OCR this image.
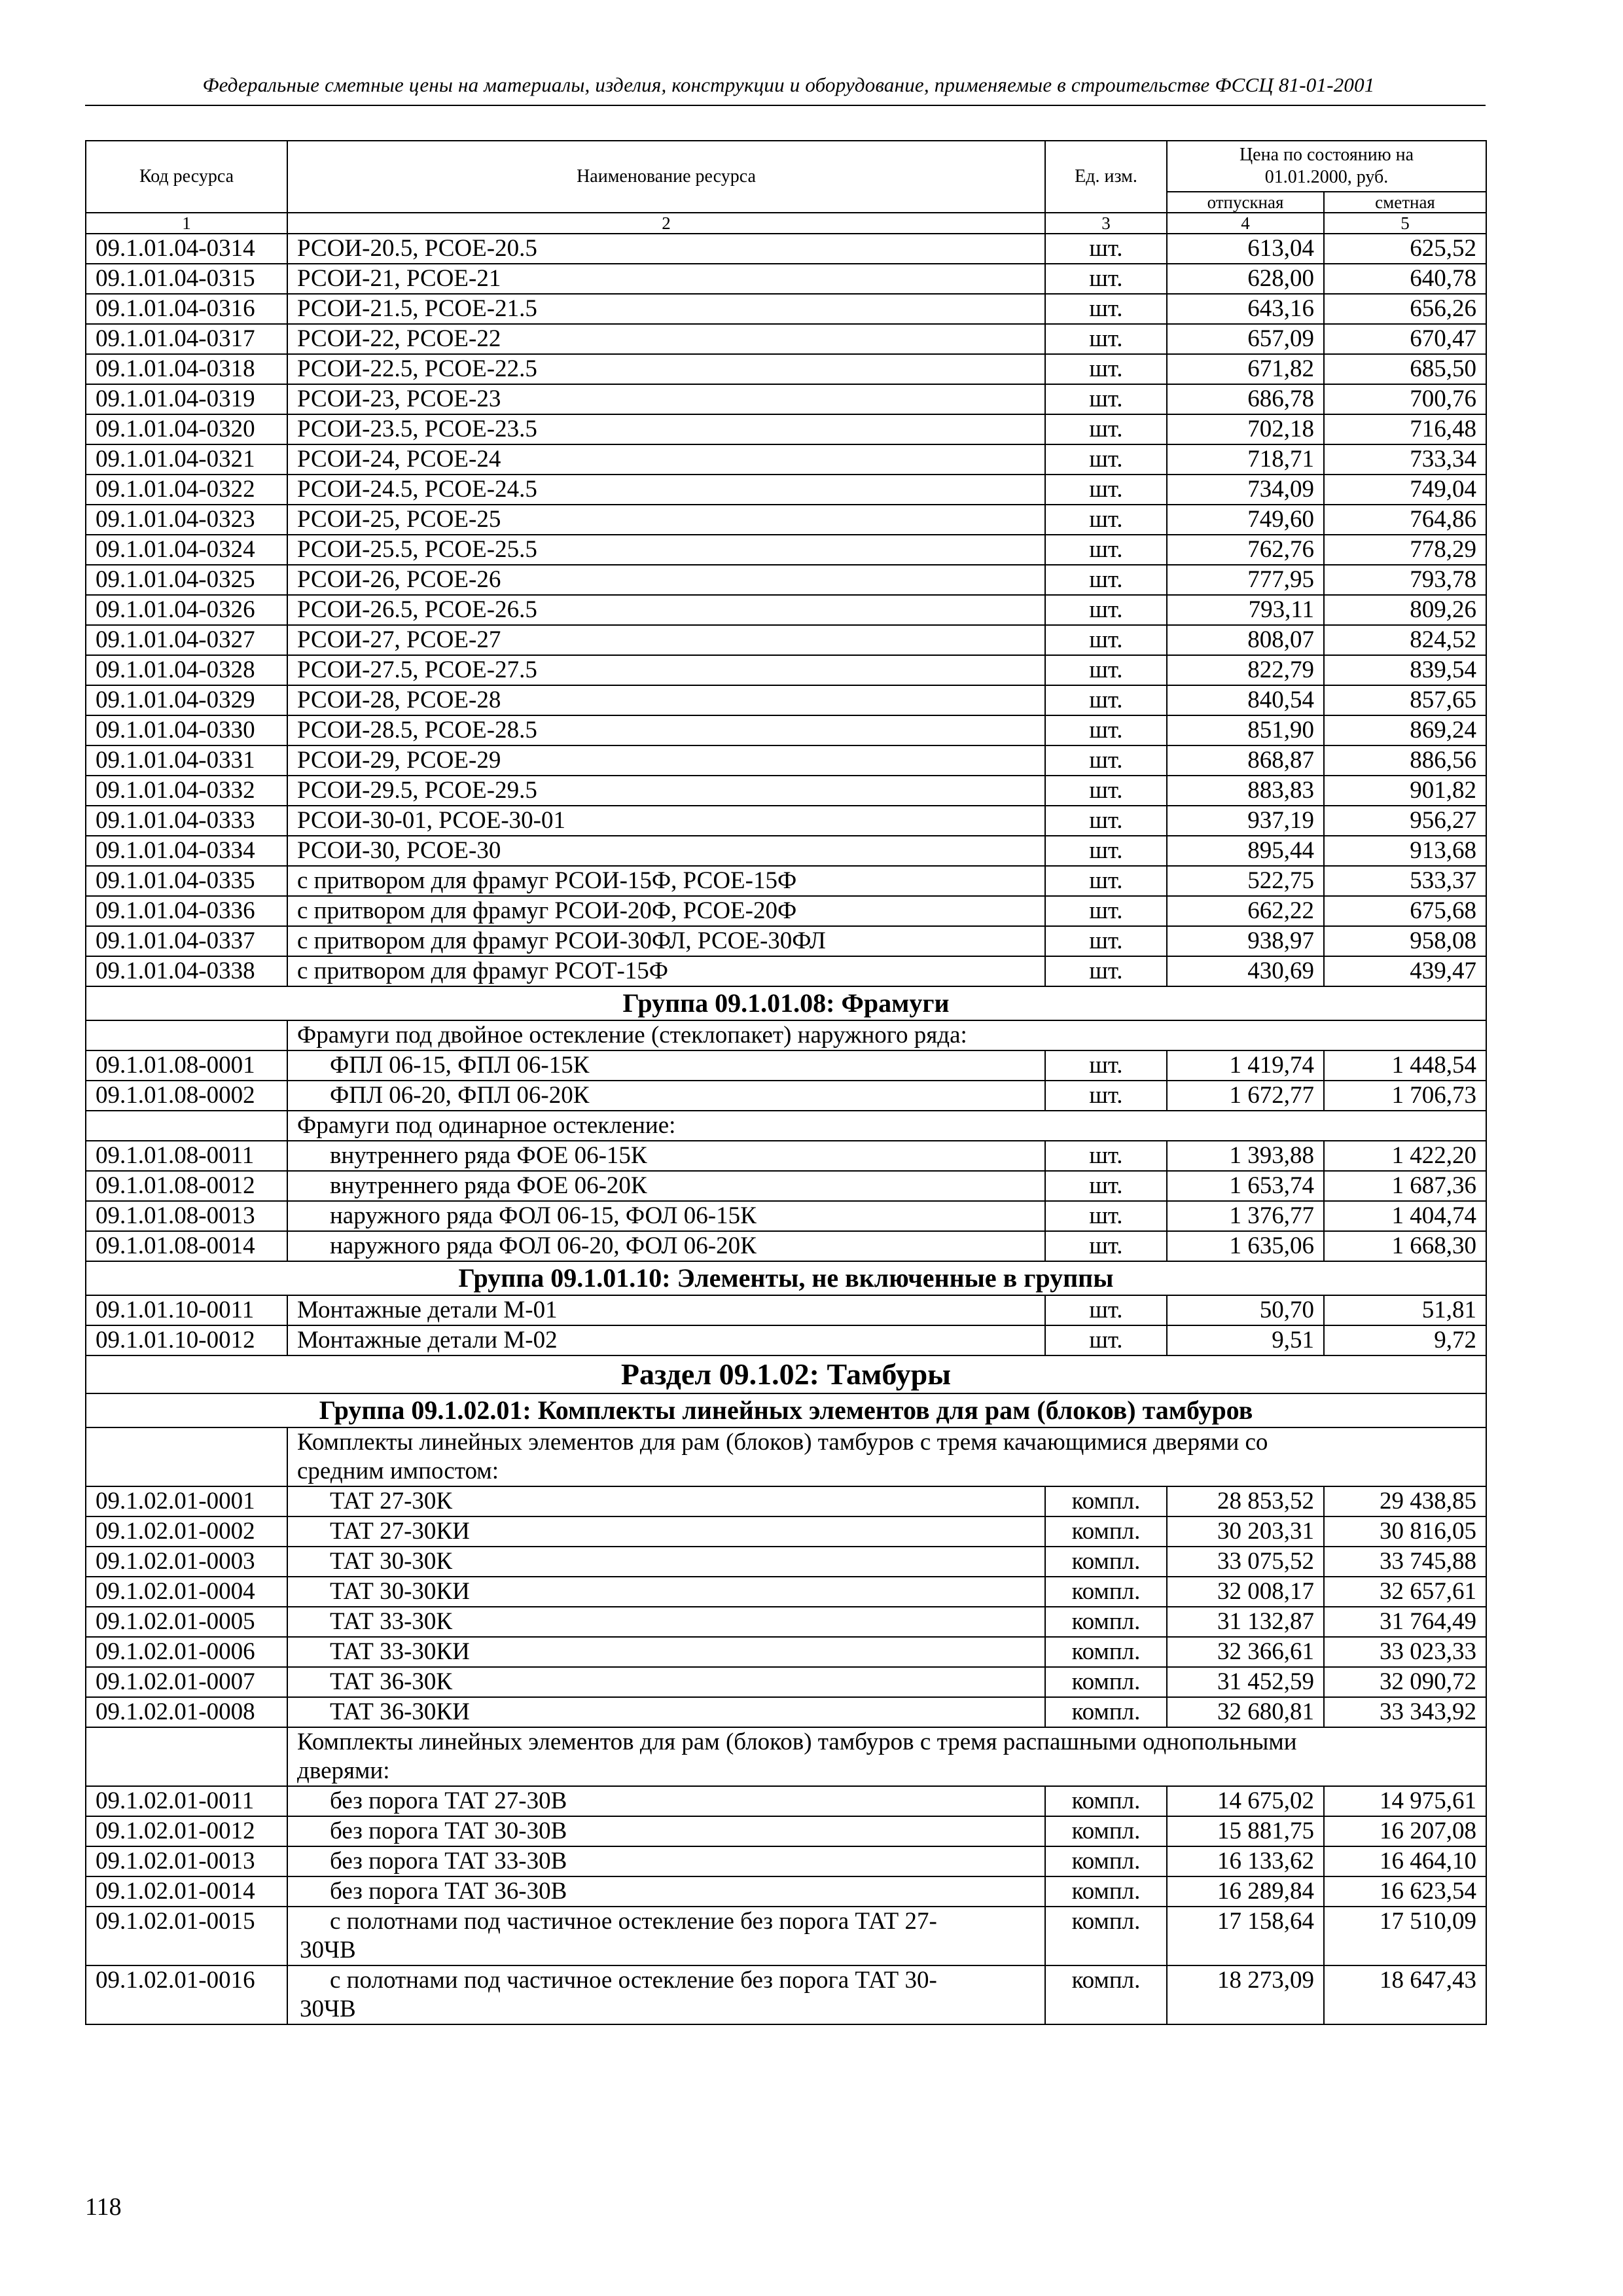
Федеральные сметные цены на материалы, изделия, конструкции и оборудование, применяемые в строительстве ФССЦ 81-01-2001
Код ресурса	Наименование ресурса	Ед. изм.	Цена по состоянию на 01.01.2000, руб.	
			отпускная	сметная
1	2	3	4	5
09.1.01.04-0314	РСОИ-20.5, РСОЕ-20.5	шт.	613,04	625,52
09.1.01.04-0315	РСОИ-21, РСОЕ-21	шт.	628,00	640,78
09.1.01.04-0316	РСОИ-21.5, РСОЕ-21.5	шт.	643,16	656,26
09.1.01.04-0317	РСОИ-22, РСОЕ-22	шт.	657,09	670,47
09.1.01.04-0318	РСОИ-22.5, РСОЕ-22.5	шт.	671,82	685,50
09.1.01.04-0319	РСОИ-23, РСОЕ-23	шт.	686,78	700,76
09.1.01.04-0320	РСОИ-23.5, РСОЕ-23.5	шт.	702,18	716,48
09.1.01.04-0321	РСОИ-24, РСОЕ-24	шт.	718,71	733,34
09.1.01.04-0322	РСОИ-24.5, РСОЕ-24.5	шт.	734,09	749,04
09.1.01.04-0323	РСОИ-25, РСОЕ-25	шт.	749,60	764,86
09.1.01.04-0324	РСОИ-25.5, РСОЕ-25.5	шт.	762,76	778,29
09.1.01.04-0325	РСОИ-26, РСОЕ-26	шт.	777,95	793,78
09.1.01.04-0326	РСОИ-26.5, РСОЕ-26.5	шт.	793,11	809,26
09.1.01.04-0327	РСОИ-27, РСОЕ-27	шт.	808,07	824,52
09.1.01.04-0328	РСОИ-27.5, РСОЕ-27.5	шт.	822,79	839,54
09.1.01.04-0329	РСОИ-28, РСОЕ-28	шт.	840,54	857,65
09.1.01.04-0330	РСОИ-28.5, РСОЕ-28.5	шт.	851,90	869,24
09.1.01.04-0331	РСОИ-29, РСОЕ-29	шт.	868,87	886,56
09.1.01.04-0332	РСОИ-29.5, РСОЕ-29.5	шт.	883,83	901,82
09.1.01.04-0333	РСОИ-30-01, РСОЕ-30-01	шт.	937,19	956,27
09.1.01.04-0334	РСОИ-30, РСОЕ-30	шт.	895,44	913,68
09.1.01.04-0335	с притвором для фрамуг РСОИ-15Ф, РСОЕ-15Ф	шт.	522,75	533,37
09.1.01.04-0336	с притвором для фрамуг РСОИ-20Ф, РСОЕ-20Ф	шт.	662,22	675,68
09.1.01.04-0337	с притвором для фрамуг РСОИ-30ФЛ, РСОЕ-30ФЛ	шт.	938,97	958,08
09.1.01.04-0338	с притвором для фрамуг РСОТ-15Ф	шт.	430,69	439,47
Группа 09.1.01.08: Фрамуги				
	Фрамуги под двойное остекление (стеклопакет) наружного ряда:			
09.1.01.08-0001	ФПЛ 06-15, ФПЛ 06-15К	шт.	1 419,74	1 448,54
09.1.01.08-0002	ФПЛ 06-20, ФПЛ 06-20К	шт.	1 672,77	1 706,73
	Фрамуги под одинарное остекление:			
09.1.01.08-0011	внутреннего ряда ФОЕ 06-15К	шт.	1 393,88	1 422,20
09.1.01.08-0012	внутреннего ряда ФОЕ 06-20К	шт.	1 653,74	1 687,36
09.1.01.08-0013	наружного ряда ФОЛ 06-15, ФОЛ 06-15К	шт.	1 376,77	1 404,74
09.1.01.08-0014	наружного ряда ФОЛ 06-20, ФОЛ 06-20К	шт.	1 635,06	1 668,30
Группа 09.1.01.10: Элементы, не включенные в группы				
09.1.01.10-0011	Монтажные детали М-01	шт.	50,70	51,81
09.1.01.10-0012	Монтажные детали М-02	шт.	9,51	9,72
Раздел 09.1.02: Тамбуры				
Группа 09.1.02.01: Комплекты линейных элементов для рам (блоков) тамбуров				

	Комплекты линейных элементов для рам (блоков) тамбуров с тремя качающимися дверями со
средним импостом:			

09.1.02.01-0001	ТАТ 27-30К	компл.	28 853,52	29 438,85
09.1.02.01-0002	ТАТ 27-30КИ	компл.	30 203,31	30 816,05
09.1.02.01-0003	ТАТ 30-30К	компл.	33 075,52	33 745,88
09.1.02.01-0004	ТАТ 30-30КИ	компл.	32 008,17	32 657,61
09.1.02.01-0005	ТАТ 33-30К	компл.	31 132,87	31 764,49
09.1.02.01-0006	ТАТ 33-30КИ	компл.	32 366,61	33 023,33
09.1.02.01-0007	ТАТ 36-30К	компл.	31 452,59	32 090,72
09.1.02.01-0008	ТАТ 36-30КИ	компл.	32 680,81	33 343,92

	Комплекты линейных элементов для рам (блоков) тамбуров с тремя распашными однопольными
дверями:			

09.1.02.01-0011	без порога ТАТ 27-30В	компл.	14 675,02	14 975,61
09.1.02.01-0012	без порога ТАТ 30-30В	компл.	15 881,75	16 207,08
09.1.02.01-0013	без порога ТАТ 33-30В	компл.	16 133,62	16 464,10
09.1.02.01-0014	без порога ТАТ 36-30В	компл.	16 289,84	16 623,54
09.1.02.01-0015	с полотнами под частичное остекление без порога ТАТ 27-
30ЧВ	компл.	17 158,64	17 510,09
09.1.02.01-0016	с полотнами под частичное остекление без порога ТАТ 30-
30ЧВ	компл.	18 273,09	18 647,43
118
